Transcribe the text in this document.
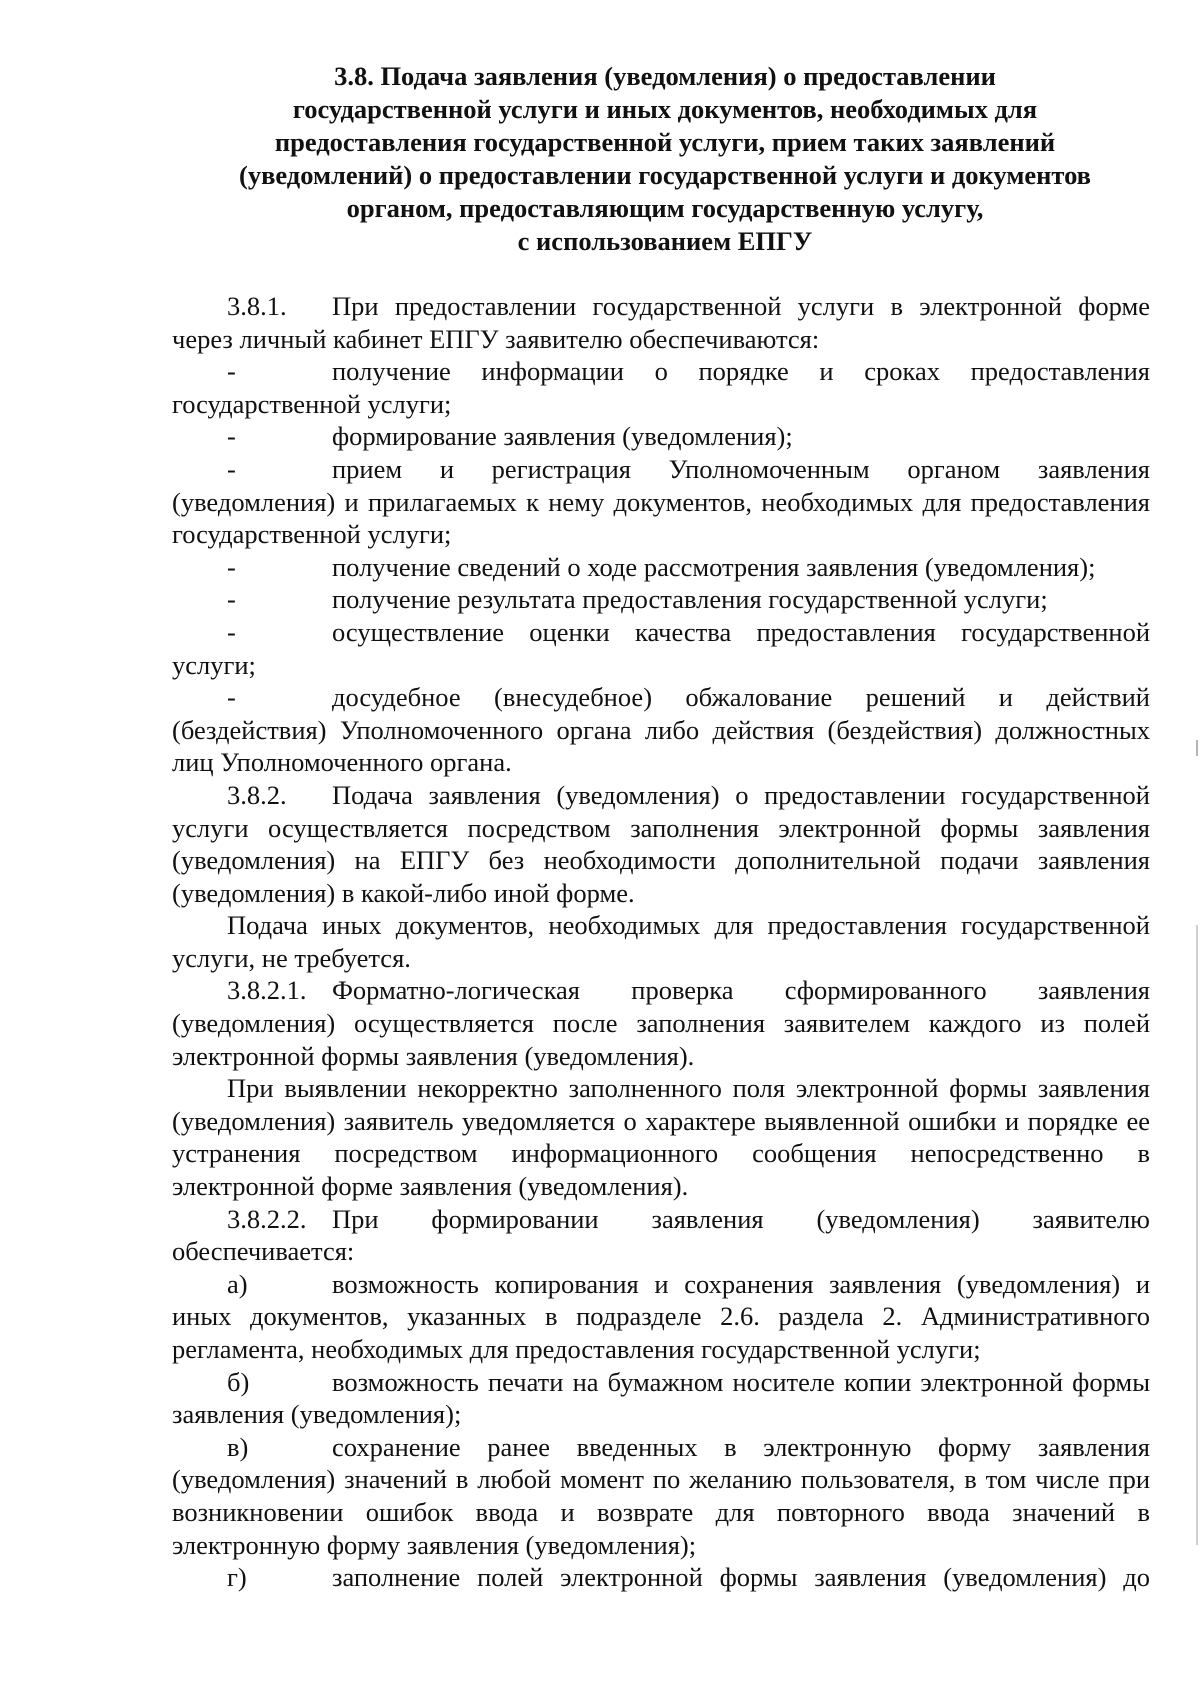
3.8. Подача заявления (уведомления) о предоставлении
государственной услуги и иных документов, необходимых для
предоставления государственной услуги, прием таких заявлений
(уведомлений) о предоставлении государственной услуги и документов
органом, предоставляющим государственную услугу,
с использованием ЕПГУ

3.8.1. При предоставлении государственной услуги в электронной форме через личный кабинет ЕПГУ заявителю обеспечиваются:

-	получение информации о порядке и сроках предоставления государственной услуги;

-	формирование заявления (уведомления);

-	прием и регистрация Уполномоченным органом заявления (уведомления) и прилагаемых к нему документов, необходимых для предоставления государственной услуги;

-	получение сведений о ходе рассмотрения заявления (уведомления);

-	получение результата предоставления государственной услуги;

-	осуществление оценки качества предоставления государственной услуги;

-	досудебное (внесудебное) обжалование решений и действий (бездействия) Уполномоченного органа либо действия (бездействия) должностных лиц Уполномоченного органа.

3.8.2. Подача заявления (уведомления) о предоставлении государственной услуги осуществляется посредством заполнения электронной формы заявления (уведомления) на ЕПГУ без необходимости дополнительной подачи заявления (уведомления) в какой-либо иной форме.

Подача иных документов, необходимых для предоставления государственной услуги, не требуется.

3.8.2.1. Форматно-логическая проверка сформированного заявления (уведомления) осуществляется после заполнения заявителем каждого из полей электронной формы заявления (уведомления).

При выявлении некорректно заполненного поля электронной формы заявления (уведомления) заявитель уведомляется о характере выявленной ошибки и порядке ее устранения посредством информационного сообщения непосредственно в электронной форме заявления (уведомления).

3.8.2.2. При формировании заявления (уведомления) заявителю обеспечивается:

а)	возможность копирования и сохранения заявления (уведомления) и иных документов, указанных в подразделе 2.6. раздела 2. Административного регламента, необходимых для предоставления государственной услуги;

б)	возможность печати на бумажном носителе копии электронной формы заявления (уведомления);

в)	сохранение ранее введенных в электронную форму заявления (уведомления) значений в любой момент по желанию пользователя, в том числе при возникновении ошибок ввода и возврате для повторного ввода значений в электронную форму заявления (уведомления);

г)	заполнение полей электронной формы заявления (уведомления) до
